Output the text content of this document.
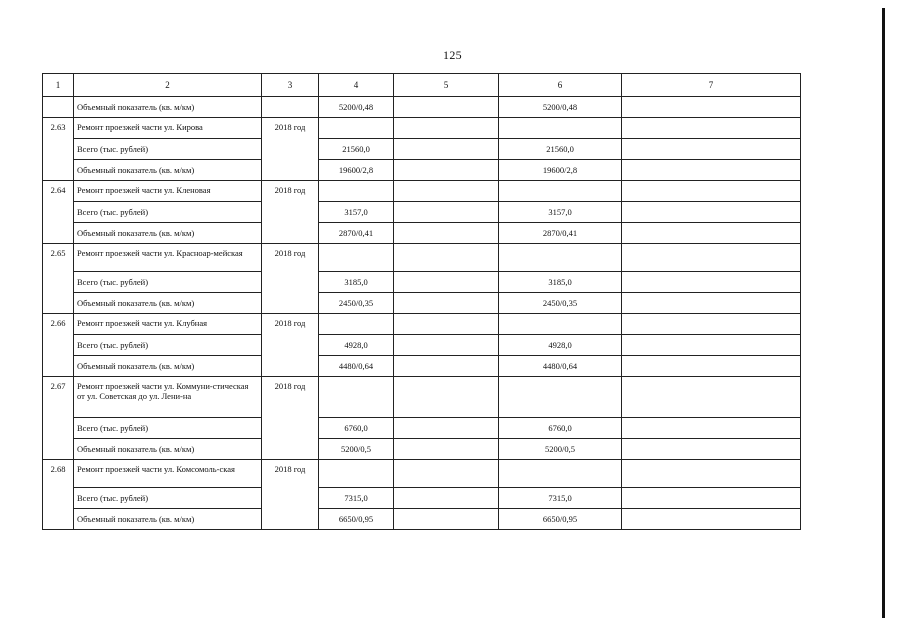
125
1	2	3	4	5	6	7
	Объемный показатель (кв. м/км)		5200/0,48		5200/0,48	
2.63	Ремонт проезжей части ул. Кирова	2018 год				
	Всего (тыс. рублей)		21560,0		21560,0	
	Объемный показатель (кв. м/км)		19600/2,8		19600/2,8	
2.64	Ремонт проезжей части ул. Кленовая	2018 год				
	Всего (тыс. рублей)		3157,0		3157,0	
	Объемный показатель (кв. м/км)		2870/0,41		2870/0,41	
2.65	Ремонт проезжей части ул. Красноар-мейская	2018 год				
	Всего (тыс. рублей)		3185,0		3185,0	
	Объемный показатель (кв. м/км)		2450/0,35		2450/0,35	
2.66	Ремонт проезжей части ул. Клубная	2018 год				
	Всего (тыс. рублей)		4928,0		4928,0	
	Объемный показатель (кв. м/км)		4480/0,64		4480/0,64	
2.67	Ремонт проезжей части ул. Коммуни-стическая от ул. Советская до ул. Лени-на	2018 год				
	Всего (тыс. рублей)		6760,0		6760,0	
	Объемный показатель (кв. м/км)		5200/0,5		5200/0,5	
2.68	Ремонт проезжей части ул. Комсомоль-ская	2018 год				
	Всего (тыс. рублей)		7315,0		7315,0	
	Объемный показатель (кв. м/км)		6650/0,95		6650/0,95	
